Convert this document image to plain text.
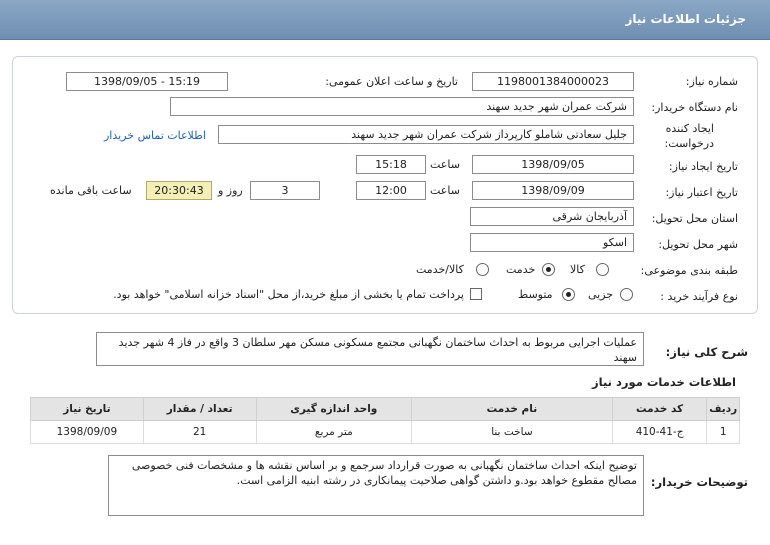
جزئیات اطلاعات نیاز
شماره نیاز:
1198001384000023
تاریخ و ساعت اعلان عمومی:
1398/09/05 - 15:19
نام دستگاه خریدار:
شرکت عمران شهر جدید سهند
ایجاد کننده
درخواست:
جلیل سعادتی شاملو کارپرداز شرکت عمران شهر جدید سهند
اطلاعات تماس خریدار
تاریخ ایجاد نیاز:
1398/09/05
ساعت
15:18
تاریخ اعتبار نیاز:
1398/09/09
ساعت
12:00
3
روز و
20:30:43
ساعت باقی مانده
استان محل تحویل:
آذربایجان شرقی
شهر محل تحویل:
اسکو
طبقه بندی موضوعی:
کالا
خدمت
کالا/خدمت
نوع فرآیند خرید :
جزیی
متوسط
پرداخت تمام یا بخشی از مبلغ خرید،از محل "اسناد خزانه اسلامی" خواهد بود.
شرح کلی نیاز:
عملیات اجرایی مربوط به احداث ساختمان نگهبانی مجتمع مسکونی مسکن مهر سلطان 3 واقع در فاز 4 شهر جدید سهند
اطلاعات خدمات مورد نیاز
ردیف	کد خدمت	نام خدمت	واحد اندازه گیری	تعداد / مقدار	تاریخ نیاز
1	ج-41-410	ساخت بنا	متر مربع	21	1398/09/09
توضیحات خریدار:
توضیح اینکه احداث ساختمان نگهبانی به صورت قرارداد سرجمع و بر اساس نقشه ها و مشخصات فنی خصوصی مصالح مقطوع خواهد بود.و داشتن گواهی صلاحیت پیمانکاری در رشته ابنیه الزامی است.
